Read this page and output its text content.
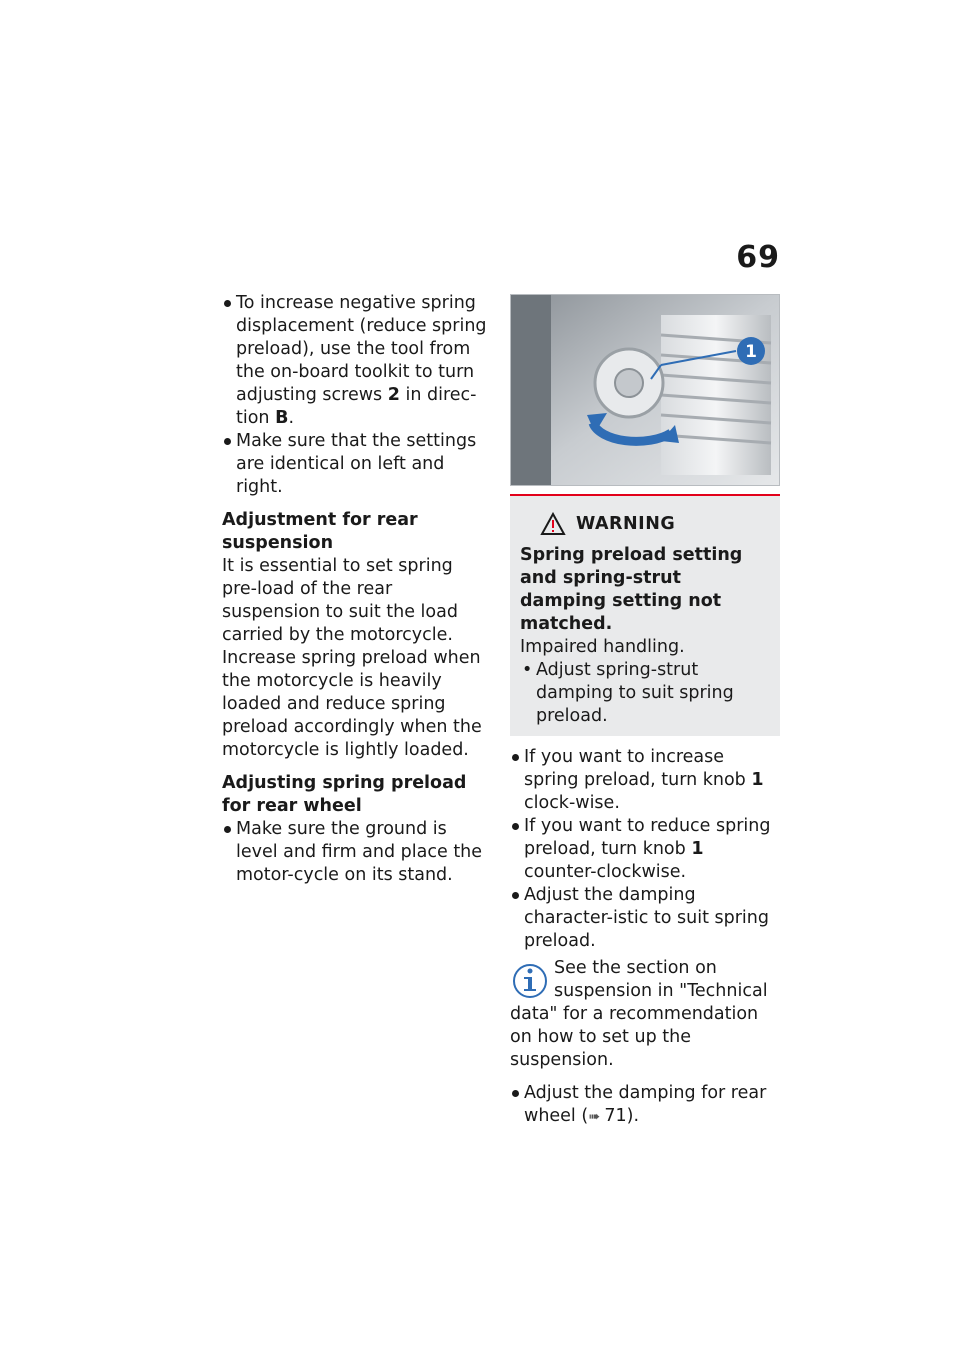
69
To increase negative spring displacement (reduce spring preload), use the tool from the on-board toolkit to turn adjusting screws 2 in direc-tion B.
Make sure that the settings are identical on left and right.
Adjustment for rear suspension
It is essential to set spring pre-load of the rear suspension to suit the load carried by the motorcycle. Increase spring preload when the motorcycle is heavily loaded and reduce spring preload accordingly when the motorcycle is lightly loaded.
Adjusting spring preload for rear wheel
Make sure the ground is level and firm and place the motor-cycle on its stand.
1
WARNING
Spring preload setting and spring-strut damping setting not matched.
Impaired handling.
• Adjust spring-strut damping to suit spring preload.
If you want to increase spring preload, turn knob 1 clock-wise.
If you want to reduce spring preload, turn knob 1 counter-clockwise.
Adjust the damping character-istic to suit spring preload.
See the section on suspension in "Technical data" for a recommendation on how to set up the suspension.
Adjust the damping for rear wheel (➠ 71).
